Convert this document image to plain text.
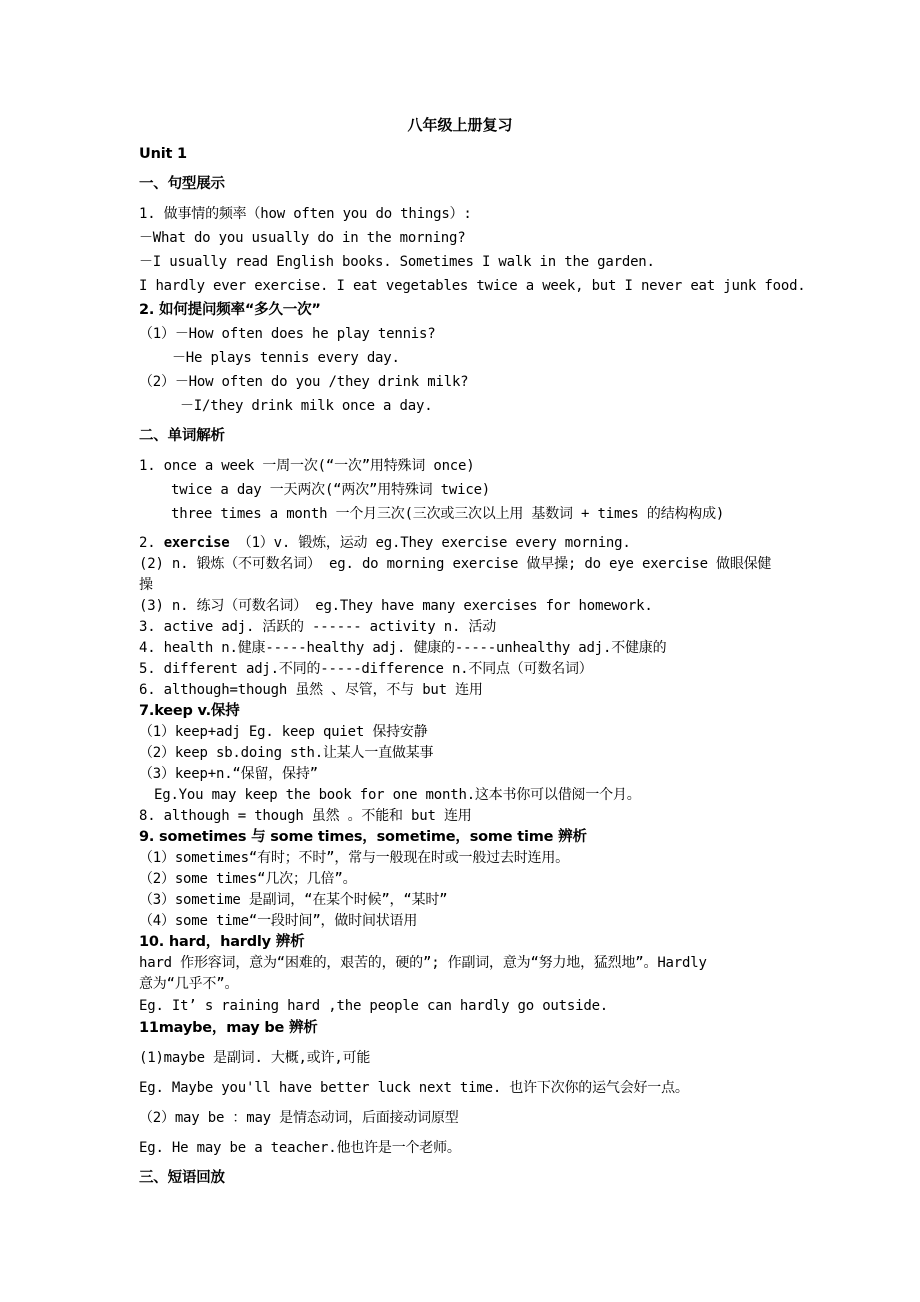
八年级上册复习
Unit 1
一、句型展示
1. 做事情的频率（how often you do things）:
－What do you usually do in the morning?
－I usually read English books. Sometimes I walk in the garden.
I hardly ever exercise. I eat vegetables twice a week, but I never eat junk food.
2. 如何提问频率“多久一次”
（1）－How often does he play tennis?
－He plays tennis every day.
（2）－How often do you /they drink milk?
－I/they drink milk once a day.
二、单词解析
1. once a week 一周一次(“一次”用特殊词 once)
twice a day 一天两次(“两次”用特殊词 twice)
three times a month 一个月三次(三次或三次以上用 基数词 + times 的结构构成)
2. exercise （1）v. 锻炼，运动 eg.They exercise every morning.
(2) n. 锻炼（不可数名词） eg. do morning exercise 做早操; do eye exercise 做眼保健
操
(3) n. 练习（可数名词） eg.They have many exercises for homework.
3. active adj. 活跃的 ------ activity n. 活动
4. health n.健康-----healthy adj. 健康的-----unhealthy adj.不健康的
5. different adj.不同的-----difference n.不同点（可数名词）
6. although=though 虽然 、尽管，不与 but 连用
7.keep v.保持
（1）keep+adj Eg. keep quiet 保持安静
（2）keep sb.doing sth.让某人一直做某事
（3）keep+n.“保留，保持”
Eg.You may keep the book for one month.这本书你可以借阅一个月。
8. although = though 虽然 。不能和 but 连用
9. sometimes 与 some times，sometime，some time 辨析
（1）sometimes“有时；不时”，常与一般现在时或一般过去时连用。
（2）some times“几次；几倍”。
（3）sometime 是副词，“在某个时候”，“某时”
（4）some time“一段时间”，做时间状语用
10. hard，hardly 辨析
hard 作形容词，意为“困难的，艰苦的，硬的”; 作副词，意为“努力地，猛烈地”。Hardly
意为“几乎不”。
Eg. It’ s raining hard ,the people can hardly go outside.
11maybe，may be 辨析
(1)maybe 是副词. 大概,或许,可能
Eg. Maybe you'll have better luck next time. 也许下次你的运气会好一点。
（2）may be ：may 是情态动词，后面接动词原型
Eg. He may be a teacher.他也许是一个老师。
三、短语回放
